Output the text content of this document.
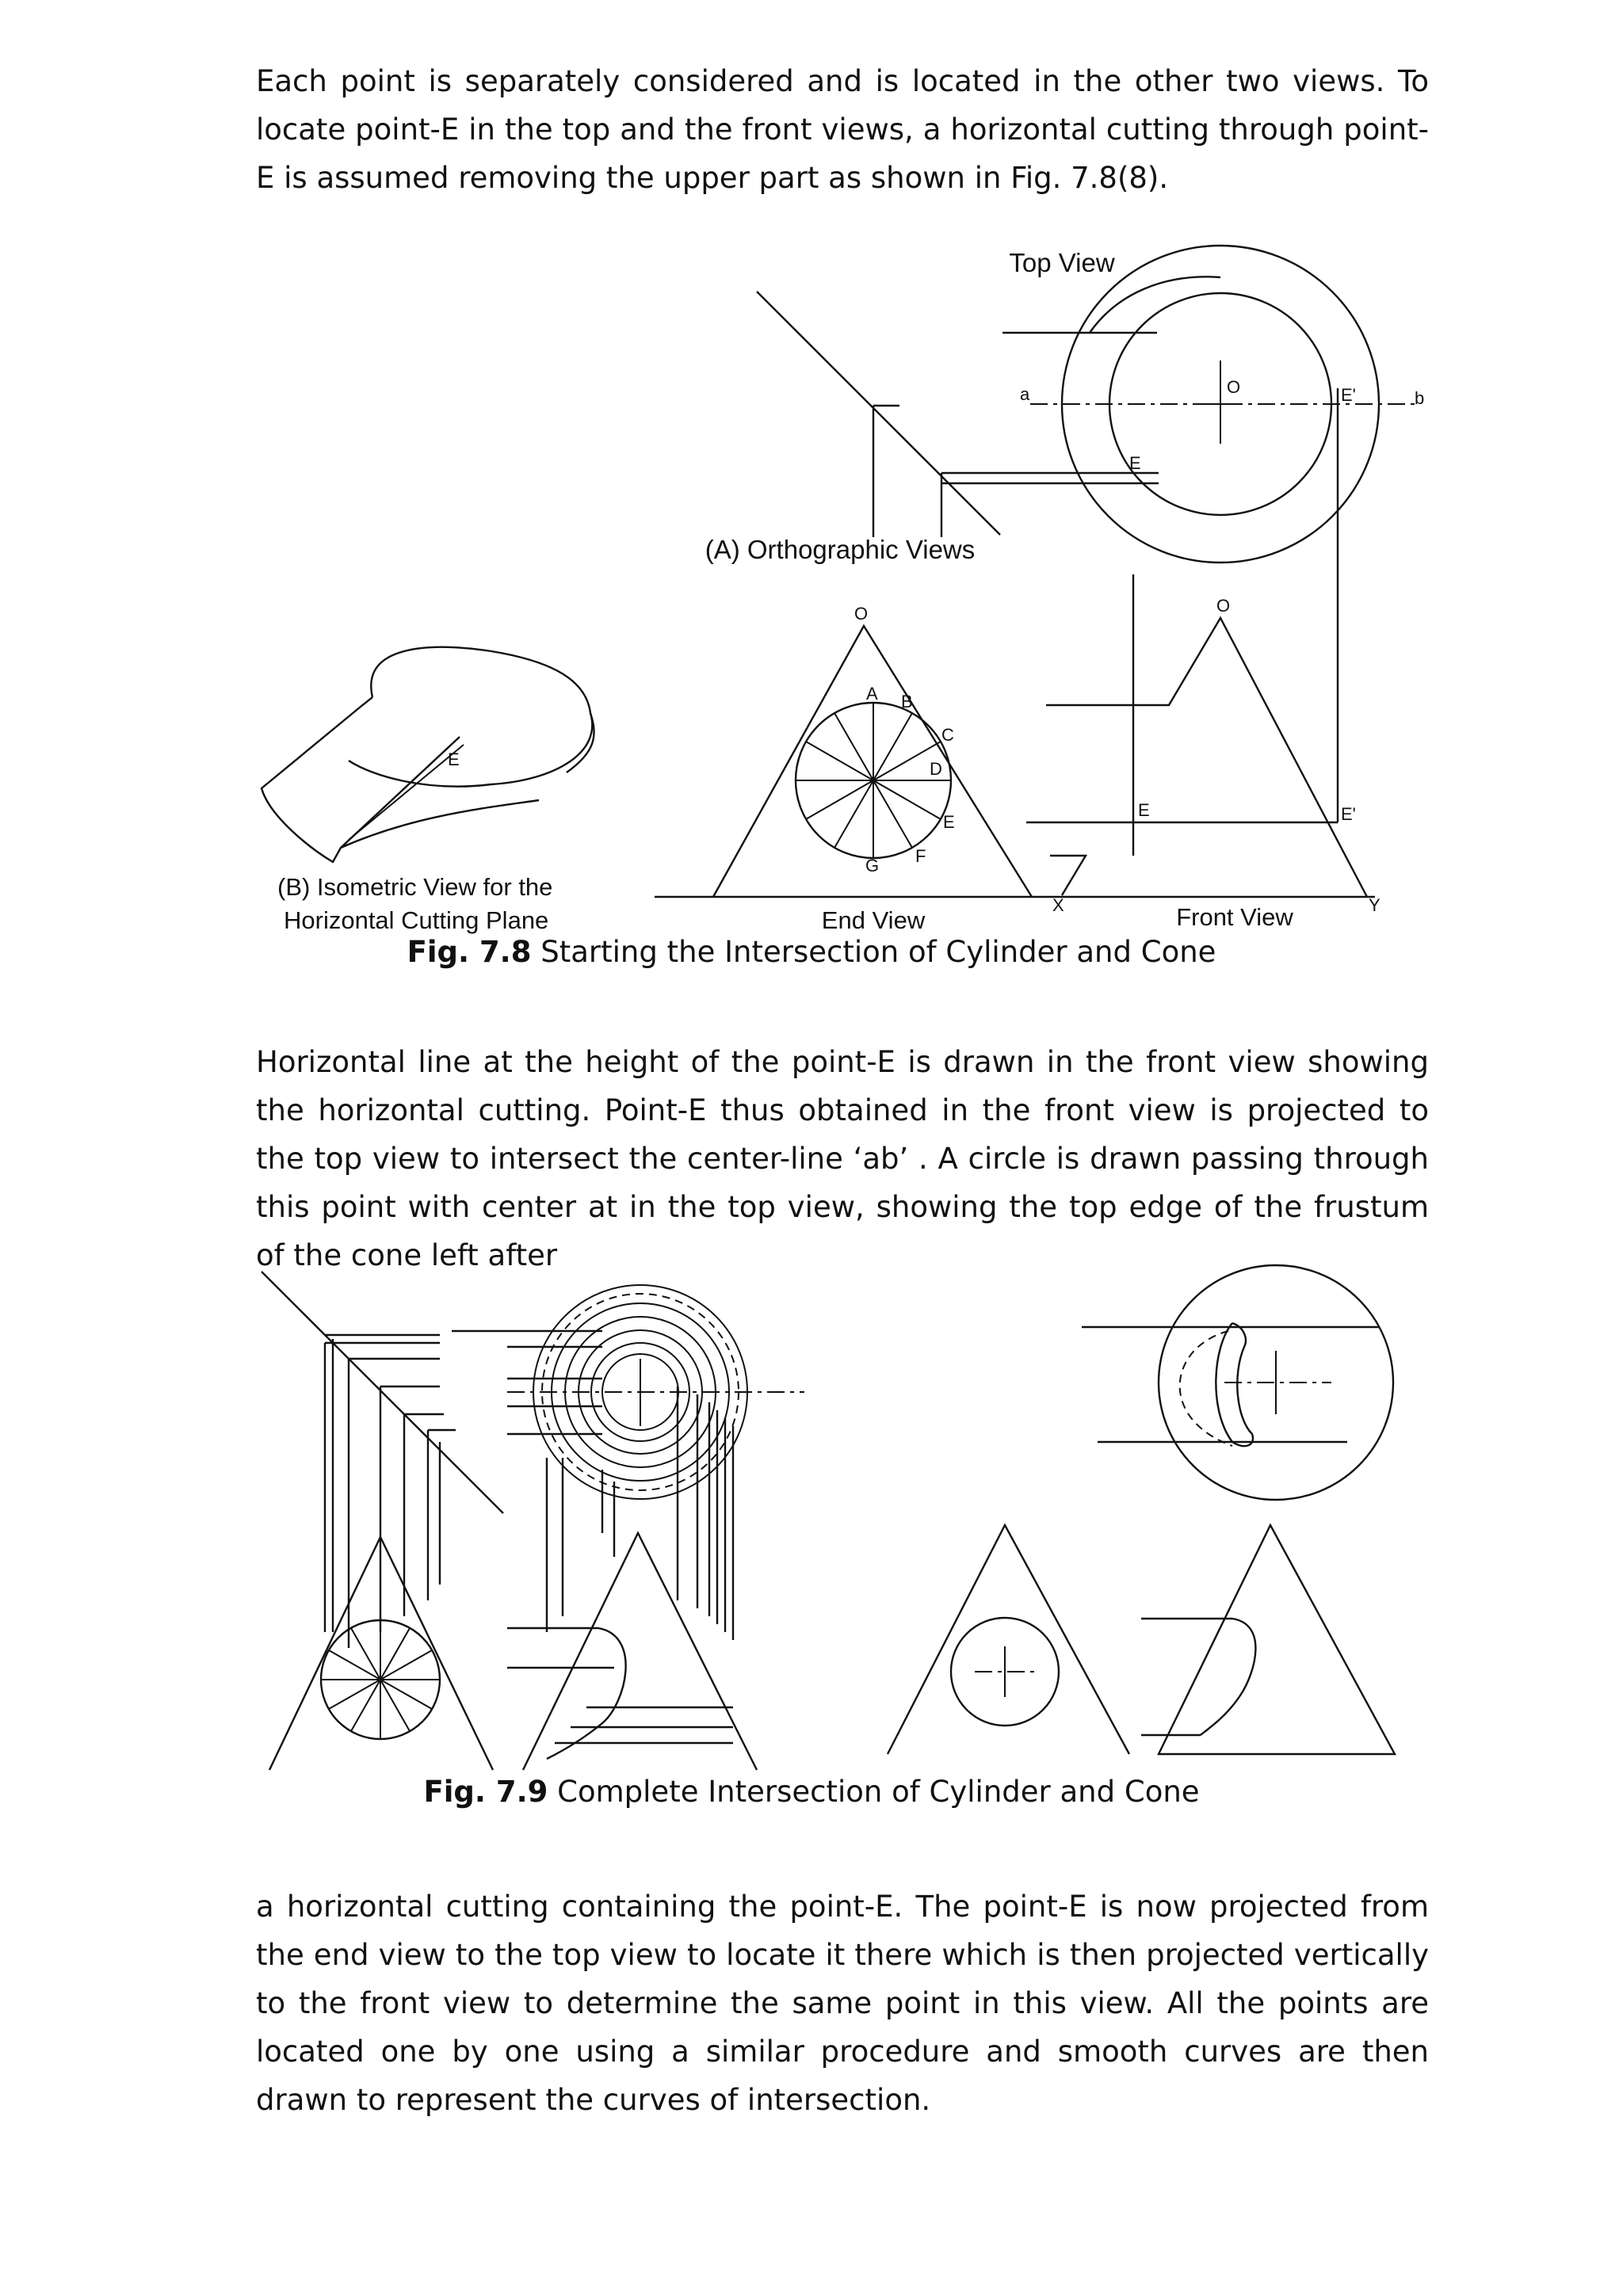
Each point is separately considered and is located in the other two views. To locate point-E in the top and the front views, a horizontal cutting through point-E is assumed removing the upper part as shown in Fig. 7.8(8).

Top View
a	b
O	E'
E
(A) Orthographic Views
E
(B) Isometric View for the
Horizontal Cutting Plane
O
A B
C
D
E
F
G
End View
O
E	E'
X	Y
Front View
Fig. 7.8 Starting the Intersection of Cylinder and Cone

Horizontal line at the height of the point-E is drawn in the front view showing the horizontal cutting. Point-E thus obtained in the front view is projected to the top view to intersect the center-line ‘ab’ . A circle is drawn passing through this point with center at in the top view, showing the top edge of the frustum of the cone left after

Fig. 7.9 Complete Intersection of Cylinder and Cone

a horizontal cutting containing the point-E. The point-E is now projected from the end view to the top view to locate it there which is then projected vertically to the front view to determine the same point in this view. All the points are located one by one using a similar procedure and smooth curves are then drawn to represent the curves of intersection.
